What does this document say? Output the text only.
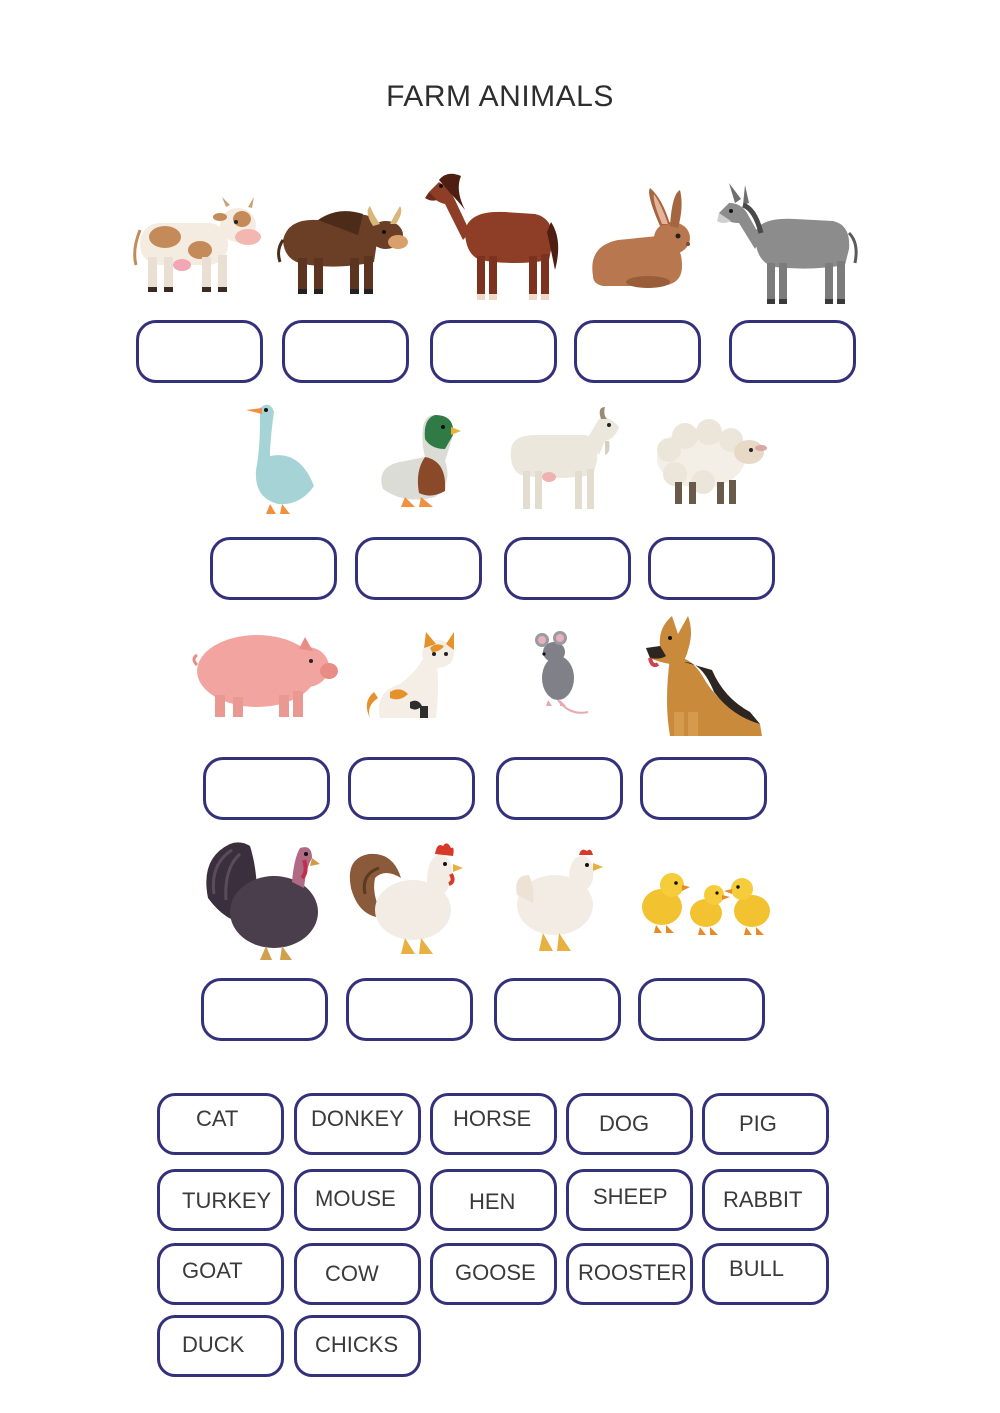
FARM ANIMALS
CAT	DONKEY HORSE	DOG	PIG
TURKEY MOUSE	HEN	SHEEP	RABBIT
GOAT	COW	GOOSE ROOSTER BULL
DUCK	CHICKS
